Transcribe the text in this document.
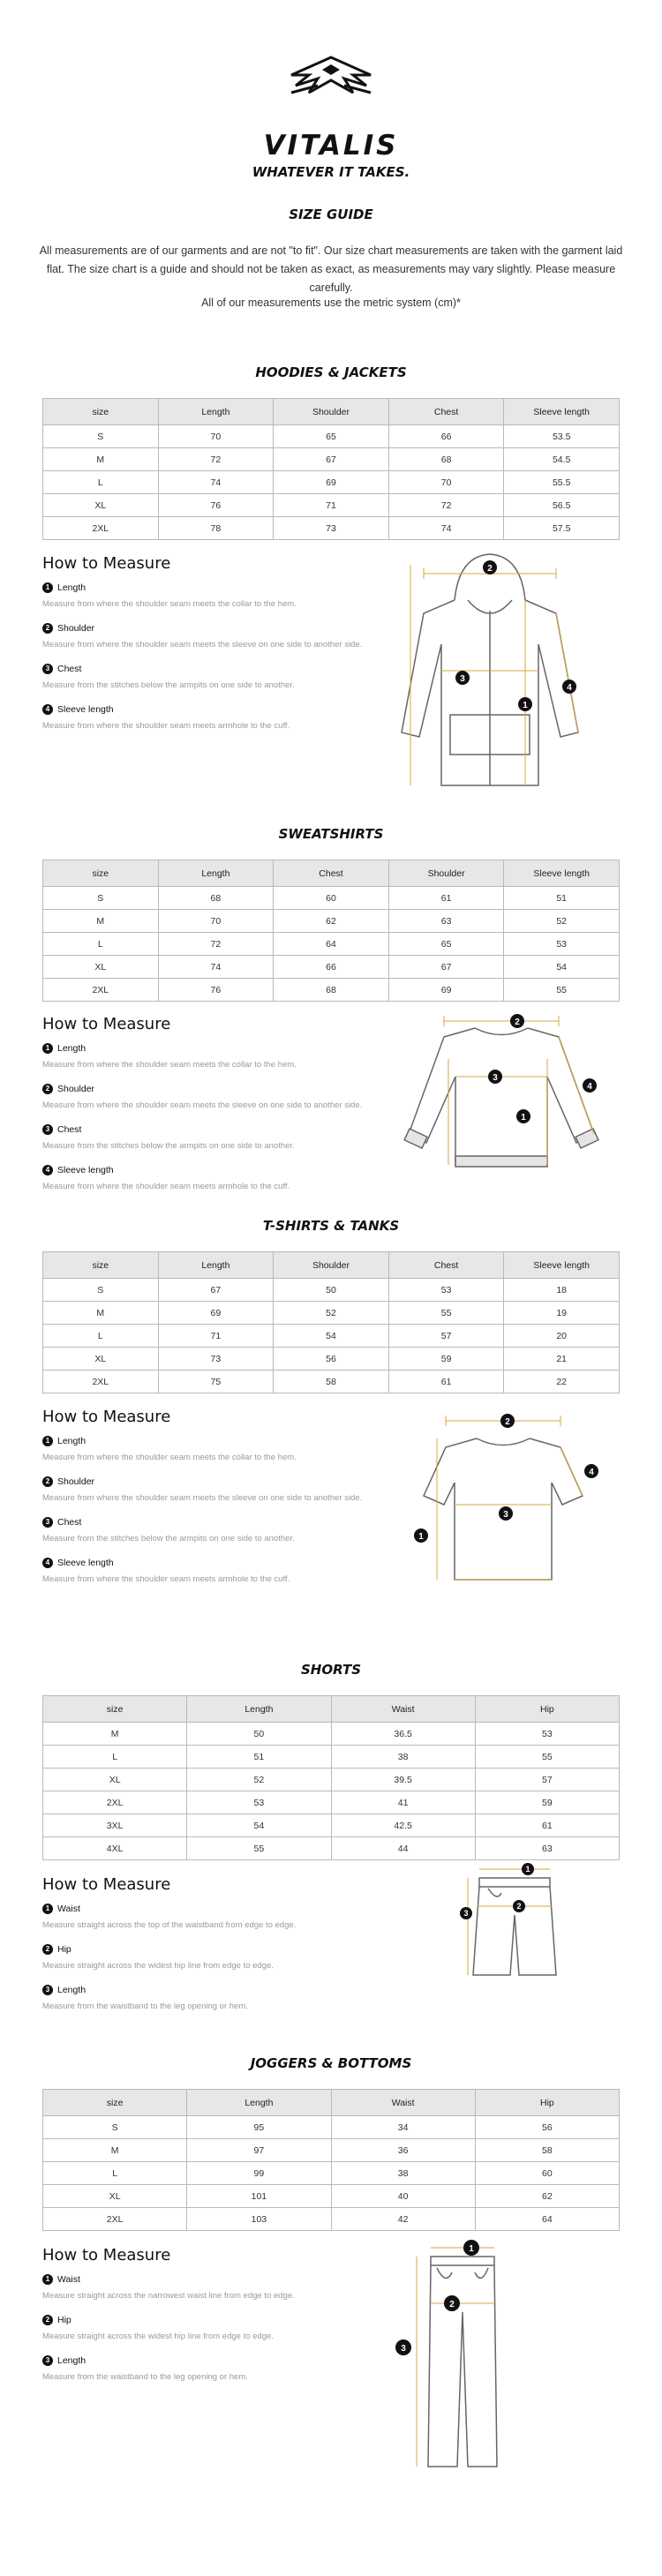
VITALIS
WHATEVER IT TAKES.
SIZE GUIDE
All measurements are of our garments and are not "to fit". Our size chart measurements are taken with the garment laid flat. The size chart is a guide and should not be taken as exact, as measurements may vary slightly. Please measure carefully.
All of our measurements use the metric system (cm)*
HOODIES & JACKETS
size	Length	Shoulder	Chest	Sleeve length
S	70	65	66	53.5
M	72	67	68	54.5
L	74	69	70	55.5
XL	76	71	72	56.5
2XL	78	73	74	57.5
How to Measure
1 Length
Measure from where the shoulder seam meets the collar to the hem.
2 Shoulder
Measure from where the shoulder seam meets the sleeve on one side to another side.
3 Chest
Measure from the stitches below the armpits on one side to another.
4 Sleeve length
Measure from where the shoulder seam meets armhole to the cuff.
2
3
4
1
SWEATSHIRTS
size	Length	Chest	Shoulder	Sleeve length
S	68	60	61	51
M	70	62	63	52
L	72	64	65	53
XL	74	66	67	54
2XL	76	68	69	55
How to Measure
1 Length
Measure from where the shoulder seam meets the collar to the hem.
2 Shoulder
Measure from where the shoulder seam meets the sleeve on one side to another side.
3 Chest
Measure from the stitches below the armpits on one side to another.
4 Sleeve length
Measure from where the shoulder seam meets armhole to the cuff.
2
3
4
1
T-SHIRTS & TANKS
size	Length	Shoulder	Chest	Sleeve length
S	67	50	53	18
M	69	52	55	19
L	71	54	57	20
XL	73	56	59	21
2XL	75	58	61	22
How to Measure
1 Length
Measure from where the shoulder seam meets the collar to the hem.
2 Shoulder
Measure from where the shoulder seam meets the sleeve on one side to another side.
3 Chest
Measure from the stitches below the armpits on one side to another.
4 Sleeve length
Measure from where the shoulder seam meets armhole to the cuff.
2
3
4
1
SHORTS
size	Length	Waist	Hip
M	50	36.5	53
L	51	38	55
XL	52	39.5	57
2XL	53	41	59
3XL	54	42.5	61
4XL	55	44	63
How to Measure
1 Waist
Measure straight across the top of the waistband from edge to edge.
2 Hip
Measure straight across the widest hip line from edge to edge.
3 Length
Measure from the waistband to the leg opening or hem.
1
2
3
JOGGERS & BOTTOMS
size	Length	Waist	Hip
S	95	34	56
M	97	36	58
L	99	38	60
XL	101	40	62
2XL	103	42	64
How to Measure
1 Waist
Measure straight across the narrowest waist line from edge to edge.
2 Hip
Measure straight across the widest hip line from edge to edge.
3 Length
Measure from the waistband to the leg opening or hem.
1
2
3
